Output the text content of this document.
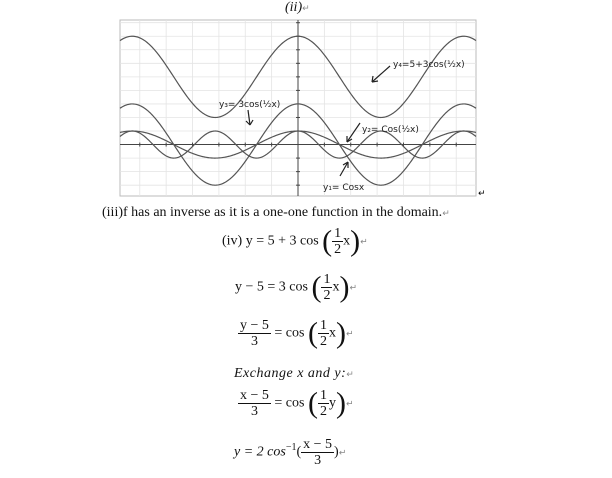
(ii)↵
y₄=5+3cos(½x)
y₃= 3cos(½x)
y₂= Cos(½x)
y₁= Cosx
↵
(iii)f has an inverse as it is a one-one function in the domain.↵
(iv) y = 5 + 3 cos ( $\frac{1}{2}$ x)↵
y − 5 = 3 cos ( $\frac{1}{2}$ x)↵
$\frac{y - 5}{3} = \cos$ ( $\frac{1}{2}$ x)↵
Exchange x and y:↵
$\frac{x - 5}{3} = \cos$ ( $\frac{1}{2}$ y)↵
y = 2 $\cos^{-1}( \frac{x - 5}{3}$ )↵
